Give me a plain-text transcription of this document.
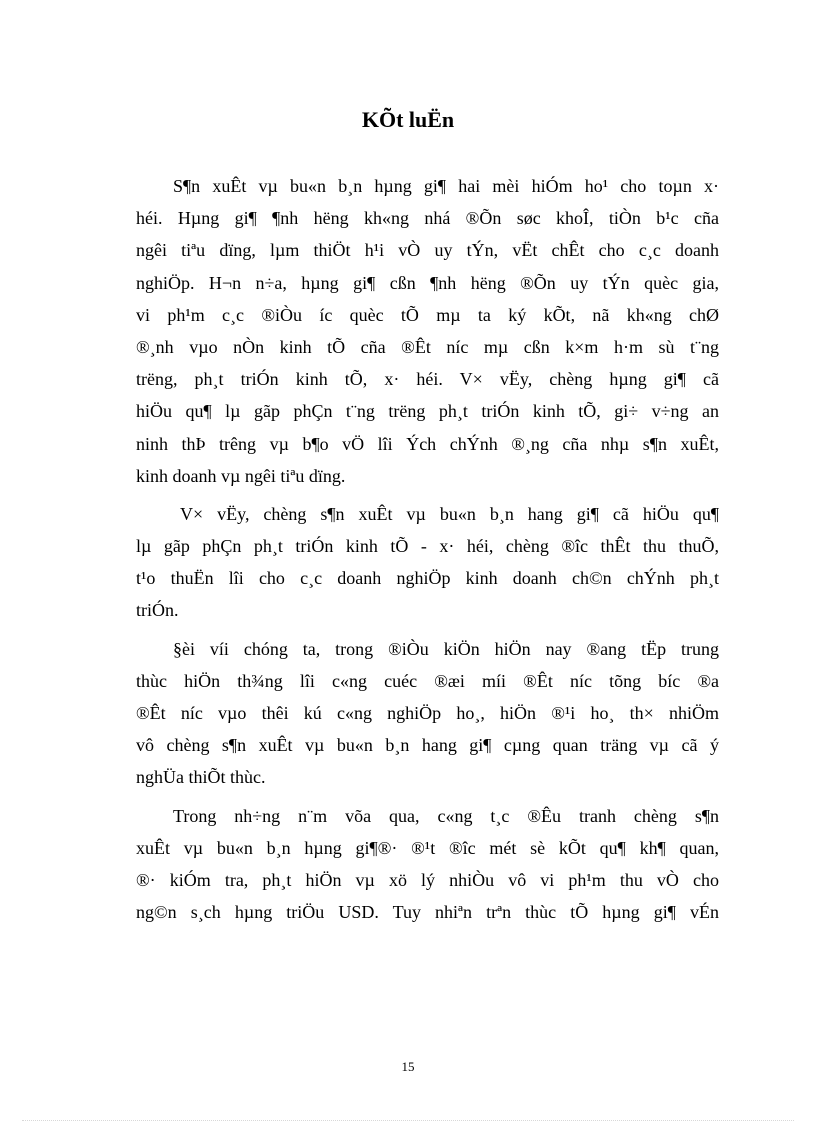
KÕt luËn

S¶n xuÊt vµ bu«n b¸n hµng gi¶ hai mèi hiÓm ho¹ cho toµn x·
héi. Hµng gi¶ ¶nh hëng kh«ng nhá ®Õn søc khoÎ, tiÒn b¹c cña
ngêi tiªu dïng, lµm thiÖt h¹i vÒ uy tÝn, vËt chÊt cho c¸c doanh
nghiÖp. H¬n n÷a, hµng gi¶ cßn ¶nh hëng ®Õn uy tÝn quèc gia,
vi ph¹m c¸c ®iÒu íc quèc tÕ mµ ta ký kÕt, nã kh«ng chØ
®¸nh vµo nÒn kinh tÕ cña ®Êt níc mµ cßn k×m h·m sù t¨ng
trëng, ph¸t triÓn kinh tÕ, x· héi. V× vËy, chèng hµng gi¶ cã
hiÖu qu¶ lµ gãp phÇn t¨ng trëng ph¸t triÓn kinh tÕ, gi÷ v÷ng an
ninh thÞ trêng vµ b¶o vÖ lîi Ých chÝnh ®¸ng cña nhµ s¶n xuÊt,
kinh doanh vµ ngêi tiªu dïng.

V× vËy, chèng s¶n xuÊt vµ bu«n b¸n hang gi¶ cã hiÖu qu¶
lµ gãp phÇn ph¸t triÓn kinh tÕ - x· héi, chèng ®îc thÊt thu thuÕ,
t¹o thuËn lîi cho c¸c doanh nghiÖp kinh doanh ch©n chÝnh ph¸t
triÓn.

§èi víi chóng ta, trong ®iÒu kiÖn hiÖn nay ®ang tËp trung
thùc hiÖn th¾ng lîi c«ng cuéc ®æi míi ®Êt níc tõng bíc ®a
®Êt níc vµo thêi kú c«ng nghiÖp ho¸, hiÖn ®¹i ho¸ th× nhiÖm
vô chèng s¶n xuÊt vµ bu«n b¸n hang gi¶ cµng quan träng vµ cã ý
nghÜa thiÕt thùc.

Trong nh÷ng n¨m võa qua, c«ng t¸c ®Êu tranh chèng s¶n
xuÊt vµ bu«n b¸n hµng gi¶®· ®¹t ®îc mét sè kÕt qu¶ kh¶ quan,
®· kiÓm tra, ph¸t hiÖn vµ xö lý nhiÒu vô vi ph¹m thu vÒ cho
ng©n s¸ch hµng triÖu USD. Tuy nhiªn trªn thùc tÕ hµng gi¶ vÉn

15
